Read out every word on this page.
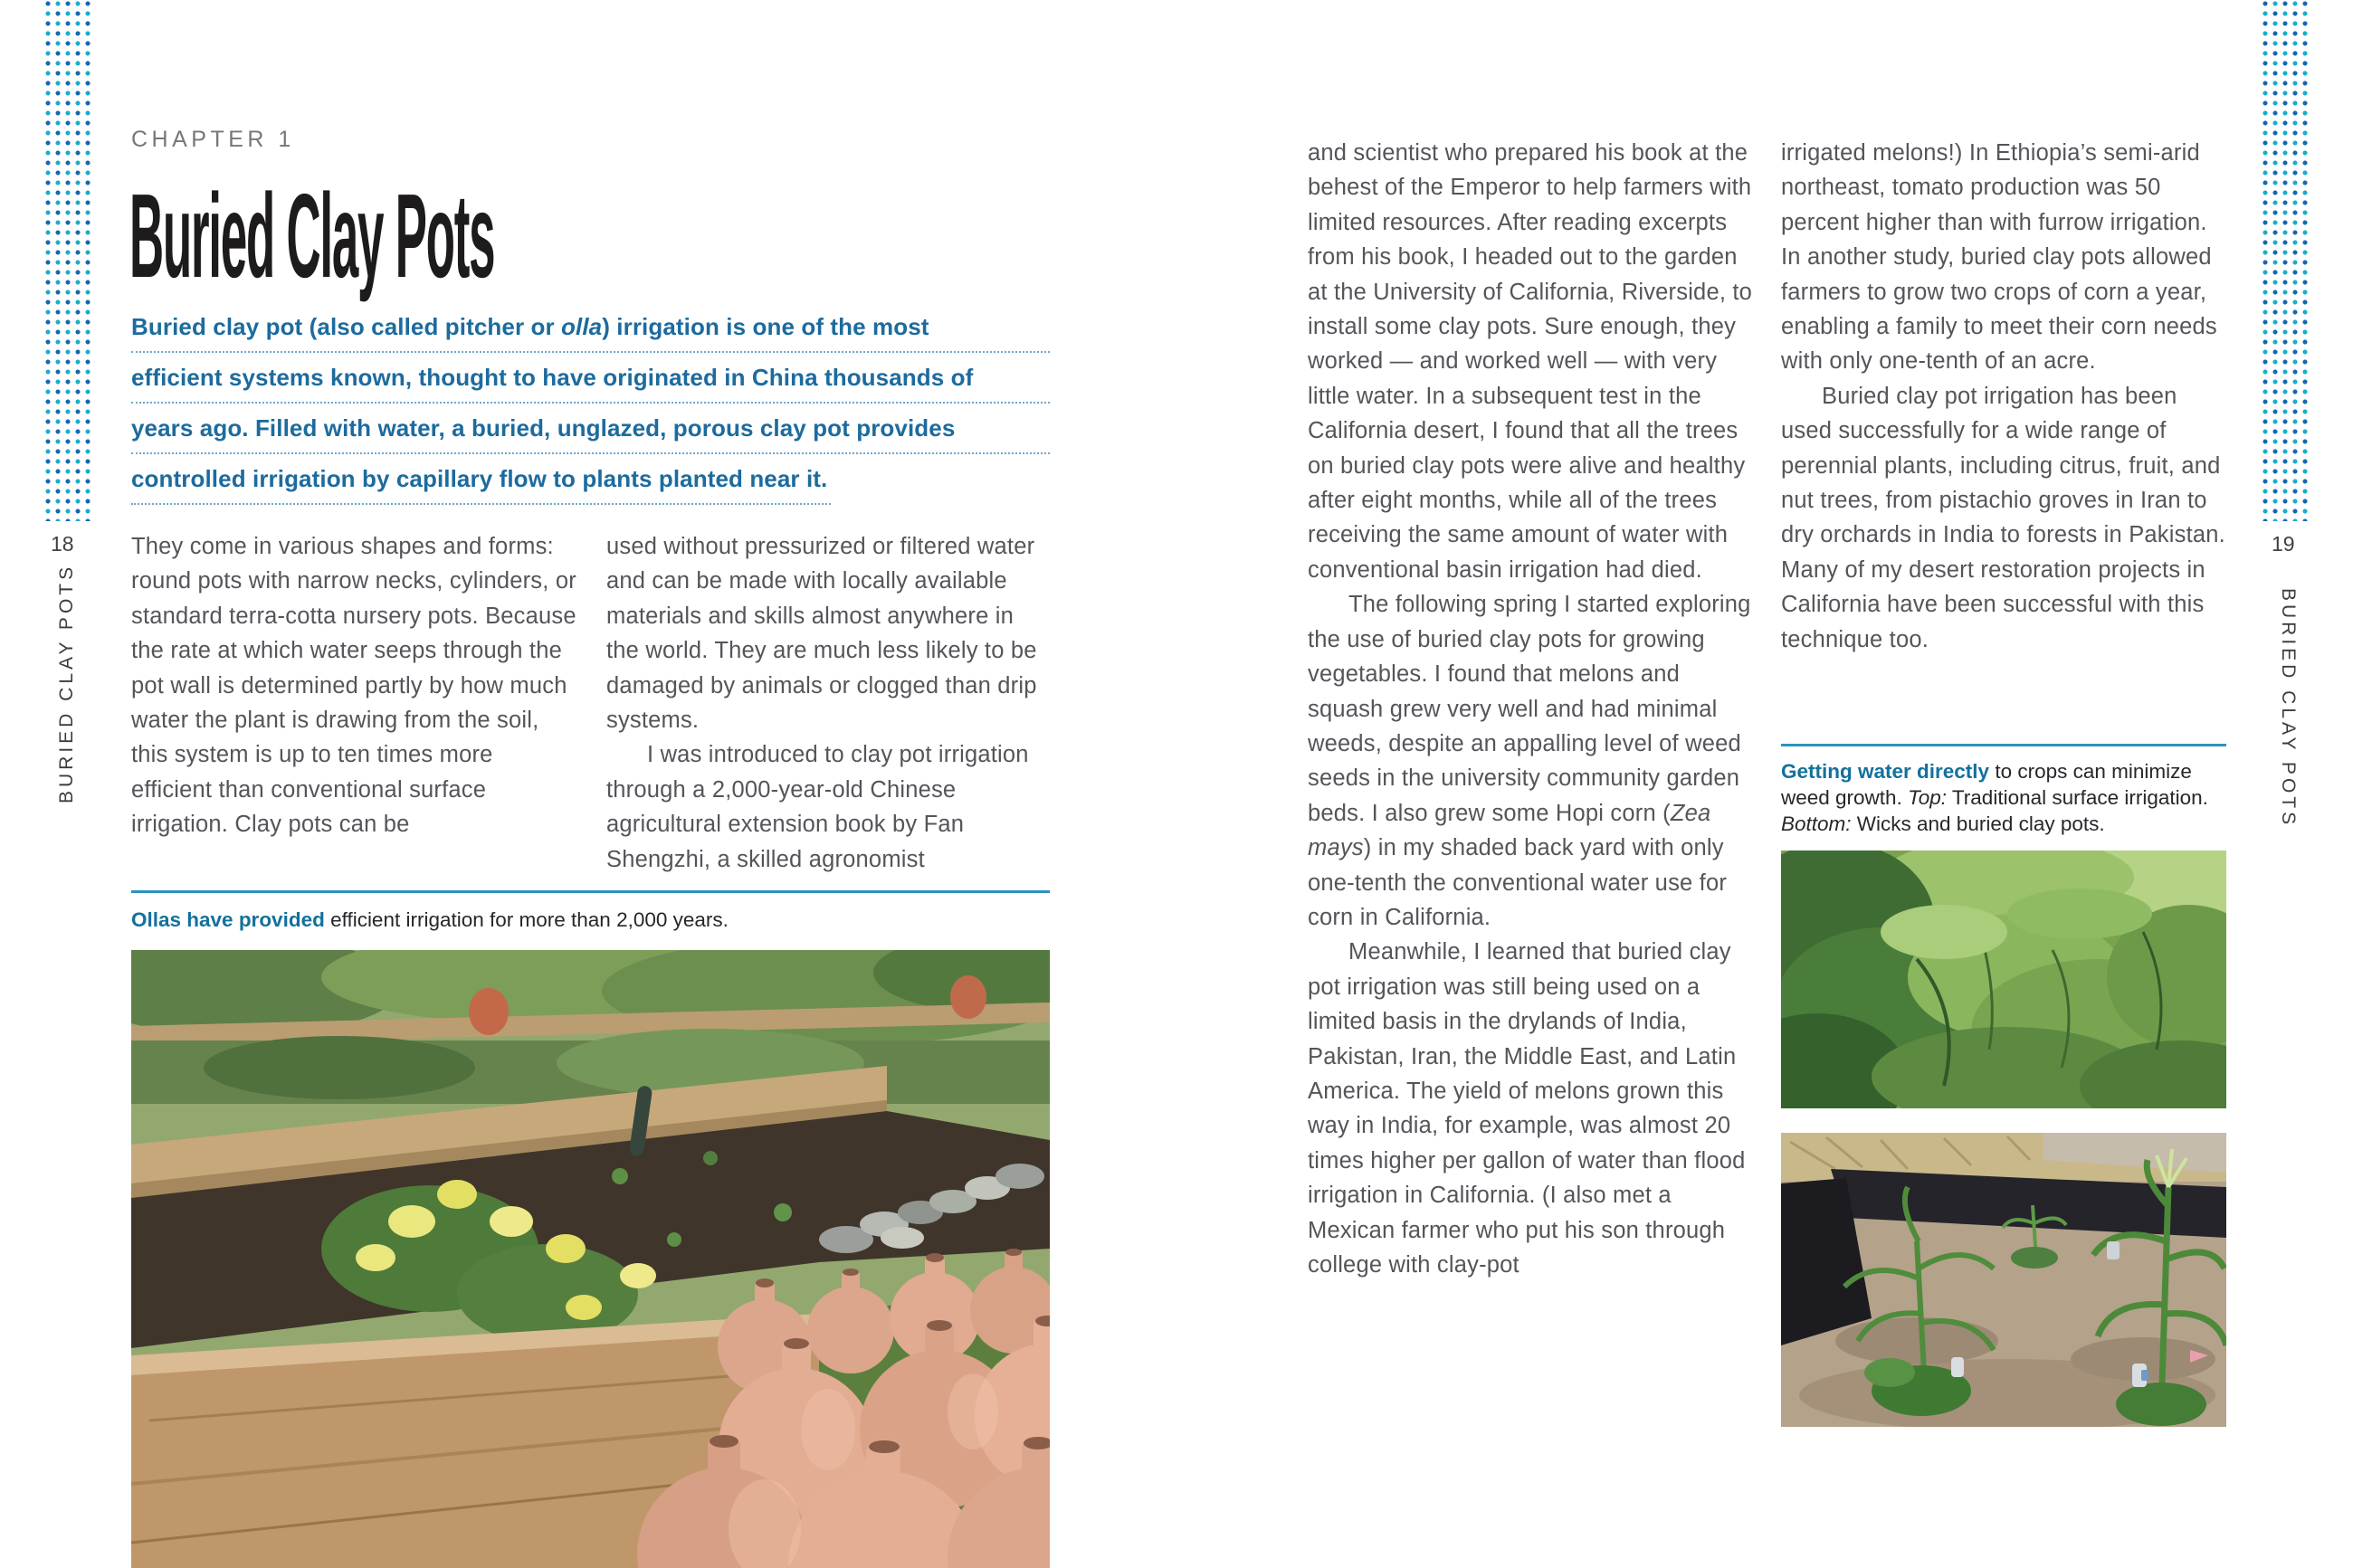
18
BURIED CLAY POTS
19
BURIED CLAY POTS
CHAPTER 1
Buried Clay Pots
Buried clay pot (also called pitcher or olla) irrigation is one of the most
efficient systems known, thought to have originated in China thousands of
years ago. Filled with water, a buried, unglazed, porous clay pot provides
controlled irrigation by capillary flow to plants planted near it.

They come in various shapes and forms: round pots with narrow necks, cylinders, or standard terra-cotta nursery pots. Because the rate at which water seeps through the pot wall is determined partly by how much water the plant is drawing from the soil, this system is up to ten times more efficient than conventional surface irrigation. Clay pots can be

used without pressurized or filtered water and can be made with locally available materials and skills almost anywhere in the world. They are much less likely to be damaged by animals or clogged than drip systems.

I was introduced to clay pot irrigation through a 2,000-year-old Chinese agricultural extension book by Fan Shengzhi, a skilled agronomist

Ollas have provided efficient irrigation for more than 2,000 years.

and scientist who prepared his book at the behest of the Emperor to help farmers with limited resources. After reading excerpts from his book, I headed out to the garden at the University of California, Riverside, to install some clay pots. Sure enough, they worked — and worked well — with very little water. In a subsequent test in the California desert, I found that all the trees on buried clay pots were alive and healthy after eight months, while all of the trees receiving the same amount of water with conventional basin irrigation had died.

The following spring I started exploring the use of buried clay pots for growing vegetables. I found that melons and squash grew very well and had minimal weeds, despite an appalling level of weed seeds in the university community garden beds. I also grew some Hopi corn (Zea mays) in my shaded back yard with only one-tenth the conventional water use for corn in California.

Meanwhile, I learned that buried clay pot irrigation was still being used on a limited basis in the drylands of India, Pakistan, Iran, the Middle East, and Latin America. The yield of melons grown this way in India, for example, was almost 20 times higher per gallon of water than flood irrigation in California. (I also met a Mexican farmer who put his son through college with clay-pot

irrigated melons!) In Ethiopia’s semi-arid northeast, tomato production was 50 percent higher than with furrow irrigation. In another study, buried clay pots allowed farmers to grow two crops of corn a year, enabling a family to meet their corn needs with only one-tenth of an acre.

Buried clay pot irrigation has been used successfully for a wide range of perennial plants, including citrus, fruit, and nut trees, from pistachio groves in Iran to dry orchards in India to forests in Pakistan. Many of my desert restoration projects in California have been successful with this technique too.

Getting water directly to crops can minimize weed growth. Top: Traditional surface irrigation. Bottom: Wicks and buried clay pots.
